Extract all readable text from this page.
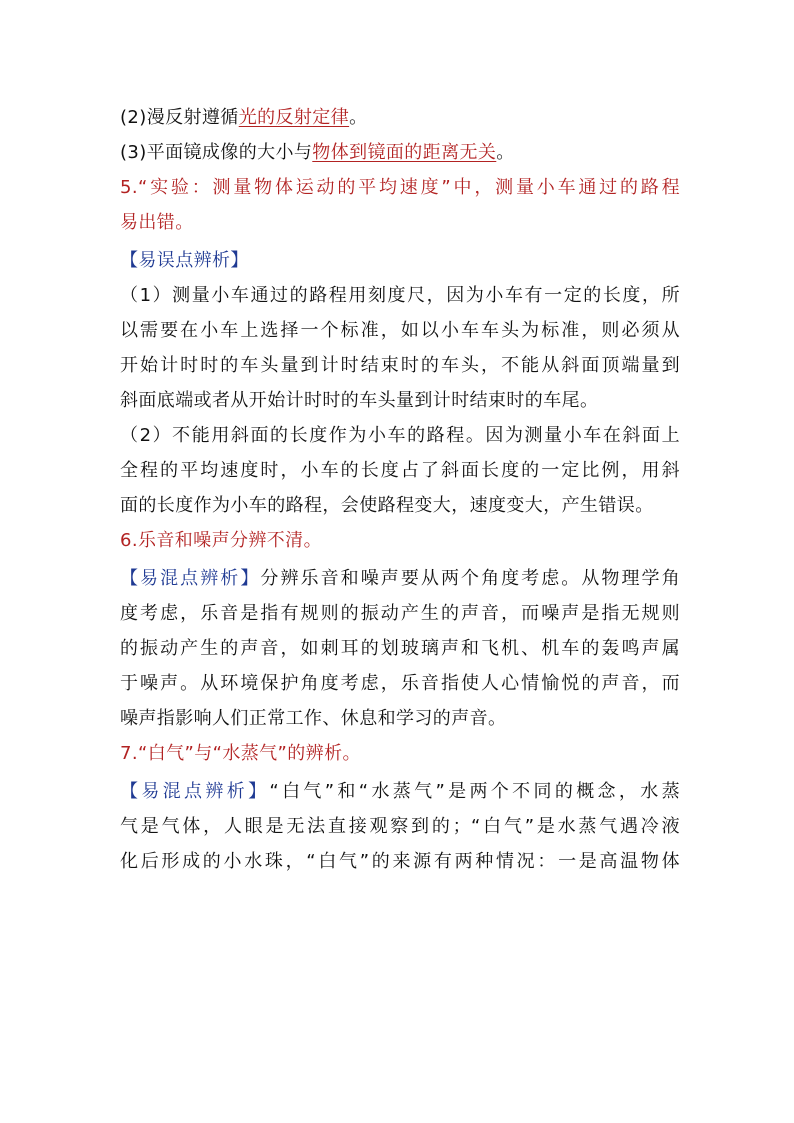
(2)漫反射遵循光的反射定律。
(3)平面镜成像的大小与物体到镜面的距离无关。
5.“实验：测量物体运动的平均速度”中，测量小车通过的路程
易出错。
【易误点辨析】
（1）测量小车通过的路程用刻度尺，因为小车有一定的长度，所
以需要在小车上选择一个标准，如以小车车头为标准，则必须从
开始计时时的车头量到计时结束时的车头，不能从斜面顶端量到
斜面底端或者从开始计时时的车头量到计时结束时的车尾。
（2）不能用斜面的长度作为小车的路程。因为测量小车在斜面上
全程的平均速度时，小车的长度占了斜面长度的一定比例，用斜
面的长度作为小车的路程，会使路程变大，速度变大，产生错误。
6.乐音和噪声分辨不清。
【易混点辨析】分辨乐音和噪声要从两个角度考虑。从物理学角
度考虑，乐音是指有规则的振动产生的声音，而噪声是指无规则
的振动产生的声音，如刺耳的划玻璃声和飞机、机车的轰鸣声属
于噪声。从环境保护角度考虑，乐音指使人心情愉悦的声音，而
噪声指影响人们正常工作、休息和学习的声音。
7.“白气”与“水蒸气”的辨析。
【易混点辨析】“白气”和“水蒸气”是两个不同的概念，水蒸
气是气体，人眼是无法直接观察到的；“白气”是水蒸气遇冷液
化后形成的小水珠，“白气”的来源有两种情况：一是高温物体
